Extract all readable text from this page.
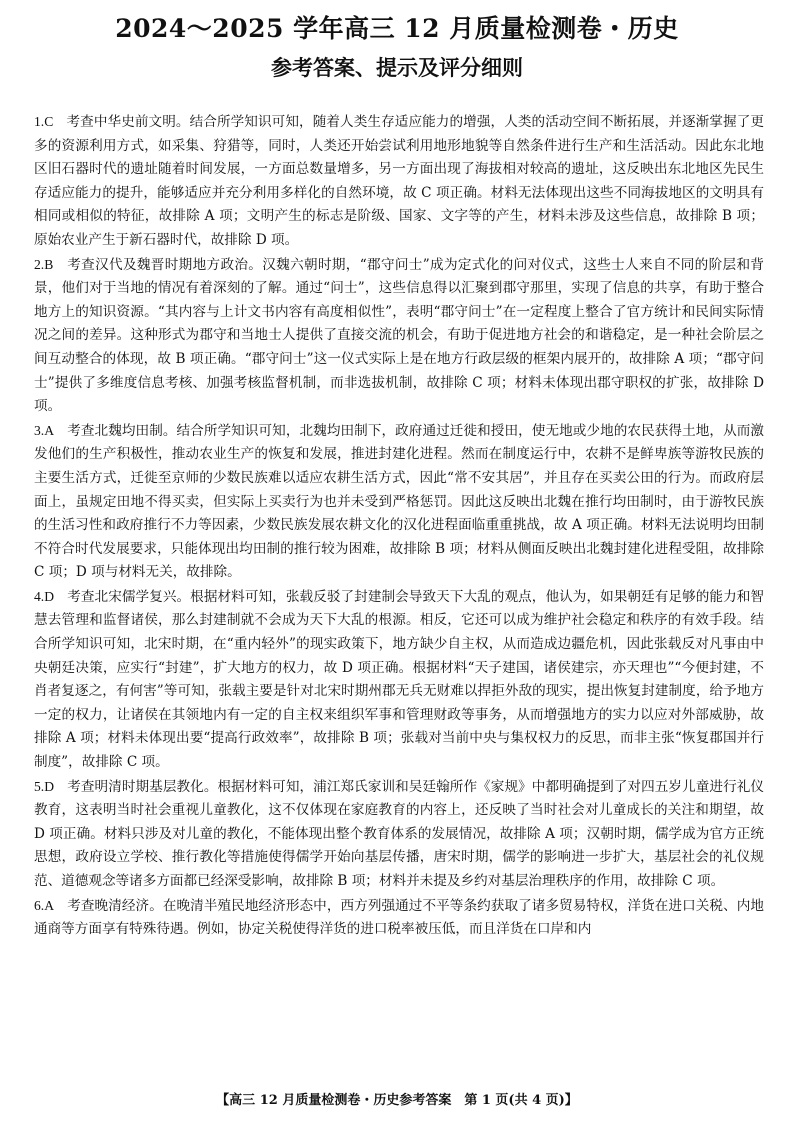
2024～2025 学年高三 12 月质量检测卷・历史
参考答案、提示及评分细则

1.C 考查中华史前文明。结合所学知识可知，随着人类生存适应能力的增强，人类的活动空间不断拓展，并逐渐掌握了更多的资源利用方式，如采集、狩猎等，同时，人类还开始尝试利用地形地貌等自然条件进行生产和生活活动。因此东北地区旧石器时代的遗址随着时间发展，一方面总数量增多，另一方面出现了海拔相对较高的遗址，这反映出东北地区先民生存适应能力的提升，能够适应并充分利用多样化的自然环境，故 C 项正确。材料无法体现出这些不同海拔地区的文明具有相同或相似的特征，故排除 A 项；文明产生的标志是阶级、国家、文字等的产生，材料未涉及这些信息，故排除 B 项；原始农业产生于新石器时代，故排除 D 项。

2.B 考查汉代及魏晋时期地方政治。汉魏六朝时期，“郡守问士”成为定式化的问对仪式，这些士人来自不同的阶层和背景，他们对于当地的情况有着深刻的了解。通过“问士”，这些信息得以汇聚到郡守那里，实现了信息的共享，有助于整合地方上的知识资源。“其内容与上计文书内容有高度相似性”，表明“郡守问士”在一定程度上整合了官方统计和民间实际情况之间的差异。这种形式为郡守和当地士人提供了直接交流的机会，有助于促进地方社会的和谐稳定，是一种社会阶层之间互动整合的体现，故 B 项正确。“郡守问士”这一仪式实际上是在地方行政层级的框架内展开的，故排除 A 项；“郡守问士”提供了多维度信息考核、加强考核监督机制，而非选拔机制，故排除 C 项；材料未体现出郡守职权的扩张，故排除 D 项。

3.A 考查北魏均田制。结合所学知识可知，北魏均田制下，政府通过迁徙和授田，使无地或少地的农民获得土地，从而激发他们的生产积极性，推动农业生产的恢复和发展，推进封建化进程。然而在制度运行中，农耕不是鲜卑族等游牧民族的主要生活方式，迁徙至京师的少数民族难以适应农耕生活方式，因此“常不安其居”，并且存在买卖公田的行为。而政府层面上，虽规定田地不得买卖，但实际上买卖行为也并未受到严格惩罚。因此这反映出北魏在推行均田制时，由于游牧民族的生活习性和政府推行不力等因素，少数民族发展农耕文化的汉化进程面临重重挑战，故 A 项正确。材料无法说明均田制不符合时代发展要求，只能体现出均田制的推行较为困难，故排除 B 项；材料从侧面反映出北魏封建化进程受阻，故排除 C 项；D 项与材料无关，故排除。

4.D 考查北宋儒学复兴。根据材料可知，张载反驳了封建制会导致天下大乱的观点，他认为，如果朝廷有足够的能力和智慧去管理和监督诸侯，那么封建制就不会成为天下大乱的根源。相反，它还可以成为维护社会稳定和秩序的有效手段。结合所学知识可知，北宋时期，在“重内轻外”的现实政策下，地方缺少自主权，从而造成边疆危机，因此张载反对凡事由中央朝廷决策，应实行“封建”，扩大地方的权力，故 D 项正确。根据材料“天子建国，诸侯建宗，亦天理也”“今便封建，不肖者复逐之，有何害”等可知，张载主要是针对北宋时期州郡无兵无财难以捍拒外敌的现实，提出恢复封建制度，给予地方一定的权力，让诸侯在其领地内有一定的自主权来组织军事和管理财政等事务，从而增强地方的实力以应对外部威胁，故排除 A 项；材料未体现出要“提高行政效率”，故排除 B 项；张载对当前中央与集权权力的反思，而非主张“恢复郡国并行制度”，故排除 C 项。

5.D 考查明清时期基层教化。根据材料可知，浦江郑氏家训和吴廷翰所作《家规》中都明确提到了对四五岁儿童进行礼仪教育，这表明当时社会重视儿童教化，这不仅体现在家庭教育的内容上，还反映了当时社会对儿童成长的关注和期望，故 D 项正确。材料只涉及对儿童的教化，不能体现出整个教育体系的发展情况，故排除 A 项；汉朝时期，儒学成为官方正统思想，政府设立学校、推行教化等措施使得儒学开始向基层传播，唐宋时期，儒学的影响进一步扩大，基层社会的礼仪规范、道德观念等诸多方面都已经深受影响，故排除 B 项；材料并未提及乡约对基层治理秩序的作用，故排除 C 项。

6.A 考查晚清经济。在晚清半殖民地经济形态中，西方列强通过不平等条约获取了诸多贸易特权，洋货在进口关税、内地通商等方面享有特殊待遇。例如，协定关税使得洋货的进口税率被压低，而且洋货在口岸和内

【高三 12 月质量检测卷・历史参考答案　第 1 页(共 4 页)】
